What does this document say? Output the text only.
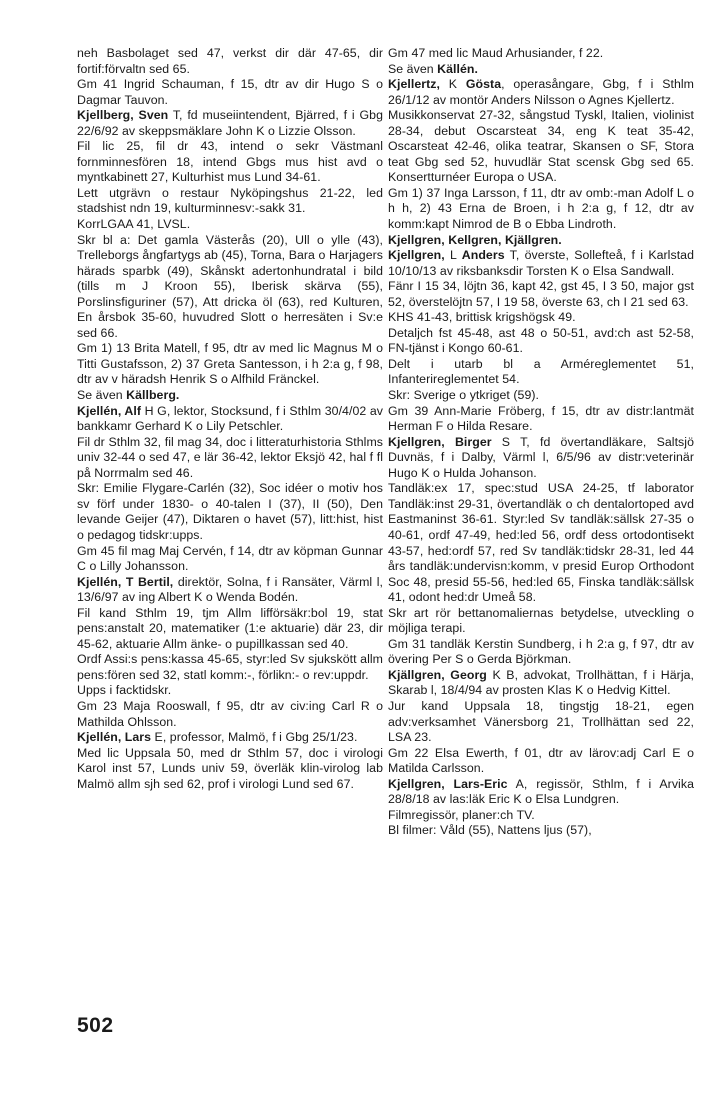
neh Basbolaget sed 47, verkst dir där 47-65, dir fortif:förvaltn sed 65.

Gm 41 Ingrid Schauman, f 15, dtr av dir Hugo S o Dagmar Tauvon.

Kjellberg, Sven T, fd museiintendent, Bjärred, f i Gbg 22/6/92 av skeppsmäklare John K o Lizzie Olsson.

Fil lic 25, fil dr 43, intend o sekr Västmanl fornminnesfören 18, intend Gbgs mus hist avd o myntkabinett 27, Kulturhist mus Lund 34-61.

Lett utgrävn o restaur Nyköpingshus 21-22, led stadshist ndn 19, kulturminnesv:-sakk 31.

KorrLGAA 41, LVSL.

Skr bl a: Det gamla Västerås (20), Ull o ylle (43), Trelleborgs ångfartygs ab (45), Torna, Bara o Harjagers härads sparbk (49), Skånskt adertonhundratal i bild (tills m J Kroon 55), Iberisk skärva (55), Porslinsfiguriner (57), Att dricka öl (63), red Kulturen, En årsbok 35-60, huvudred Slott o herresäten i Sv:e sed 66.

Gm 1) 13 Brita Matell, f 95, dtr av med lic Magnus M o Titti Gustafsson, 2) 37 Greta Santesson, i h 2:a g, f 98, dtr av v häradsh Henrik S o Alfhild Fränckel.

Se även Källberg.

Kjellén, Alf H G, lektor, Stocksund, f i Sthlm 30/4/02 av bankkamr Gerhard K o Lily Petschler.

Fil dr Sthlm 32, fil mag 34, doc i litteraturhistoria Sthlms univ 32-44 o sed 47, e lär 36-42, lektor Eksjö 42, hal f fl på Norrmalm sed 46.

Skr: Emilie Flygare-Carlén (32), Soc idéer o motiv hos sv förf under 1830- o 40-talen I (37), II (50), Den levande Geijer (47), Diktaren o havet (57), litt:hist, hist o pedagog tidskr:upps.

Gm 45 fil mag Maj Cervén, f 14, dtr av köpman Gunnar C o Lilly Johansson.

Kjellén, T Bertil, direktör, Solna, f i Ransäter, Värml l, 13/6/97 av ing Albert K o Wenda Bodén.

Fil kand Sthlm 19, tjm Allm lifförsäkr:bol 19, stat pens:anstalt 20, matematiker (1:e aktuarie) där 23, dir 45-62, aktuarie Allm änke- o pupillkassan sed 40.

Ordf Assi:s pens:kassa 45-65, styr:led Sv sjukskött allm pens:fören sed 32, statl komm:-, förlikn:- o rev:uppdr.

Upps i facktidskr.

Gm 23 Maja Rooswall, f 95, dtr av civ:ing Carl R o Mathilda Ohlsson.

Kjellén, Lars E, professor, Malmö, f i Gbg 25/1/23.

Med lic Uppsala 50, med dr Sthlm 57, doc i virologi Karol inst 57, Lunds univ 59, överläk klin-virolog lab Malmö allm sjh sed 62, prof i virologi Lund sed 67.

Gm 47 med lic Maud Arhusiander, f 22.

Se även Källén.

Kjellertz, K Gösta, operasångare, Gbg, f i Sthlm 26/1/12 av montör Anders Nilsson o Agnes Kjellertz.

Musikkonservat 27-32, sångstud Tyskl, Italien, violinist 28-34, debut Oscarsteat 34, eng K teat 35-42, Oscarsteat 42-46, olika teatrar, Skansen o SF, Stora teat Gbg sed 52, huvudlär Stat scensk Gbg sed 65. Konsertturnéer Europa o USA.

Gm 1) 37 Inga Larsson, f 11, dtr av omb:-man Adolf L o h h, 2) 43 Erna de Broen, i h 2:a g, f 12, dtr av komm:kapt Nimrod de B o Ebba Lindroth.

Kjellgren, Kellgren, Kjällgren.

Kjellgren, L Anders T, överste, Sollefteå, f i Karlstad 10/10/13 av riksbanksdir Torsten K o Elsa Sandwall.

Fänr I 15 34, löjtn 36, kapt 42, gst 45, I 3 50, major gst 52, överstelöjtn 57, I 19 58, överste 63, ch I 21 sed 63.

KHS 41-43, brittisk krigshögsk 49.

Detaljch fst 45-48, ast 48 o 50-51, avd:ch ast 52-58, FN-tjänst i Kongo 60-61.

Delt i utarb bl a Arméreglementet 51, Infanterireglementet 54.

Skr: Sverige o ytkriget (59).

Gm 39 Ann-Marie Fröberg, f 15, dtr av distr:lantmät Herman F o Hilda Resare.

Kjellgren, Birger S T, fd övertandläkare, Saltsjö Duvnäs, f i Dalby, Värml l, 6/5/96 av distr:veterinär Hugo K o Hulda Johanson.

Tandläk:ex 17, spec:stud USA 24-25, tf laborator Tandläk:inst 29-31, övertandläk o ch dentalortoped avd Eastmaninst 36-61. Styr:led Sv tandläk:sällsk 27-35 o 40-61, ordf 47-49, hed:led 56, ordf dess ortodontisekt 43-57, hed:ordf 57, red Sv tandläk:tidskr 28-31, led 44 års tandläk:undervisn:komm, v presid Europ Orthodont Soc 48, presid 55-56, hed:led 65, Finska tandläk:sällsk 41, odont hed:dr Umeå 58.

Skr art rör bettanomaliernas betydelse, utveckling o möjliga terapi.

Gm 31 tandläk Kerstin Sundberg, i h 2:a g, f 97, dtr av övering Per S o Gerda Björkman.

Kjällgren, Georg K B, advokat, Trollhättan, f i Härja, Skarab l, 18/4/94 av prosten Klas K o Hedvig Kittel.

Jur kand Uppsala 18, tingstjg 18-21, egen adv:verksamhet Vänersborg 21, Trollhättan sed 22, LSA 23.

Gm 22 Elsa Ewerth, f 01, dtr av lärov:adj Carl E o Matilda Carlsson.

Kjellgren, Lars-Eric A, regissör, Sthlm, f i Arvika 28/8/18 av las:läk Eric K o Elsa Lundgren.

Filmregissör, planer:ch TV.

Bl filmer: Våld (55), Nattens ljus (57),

502
